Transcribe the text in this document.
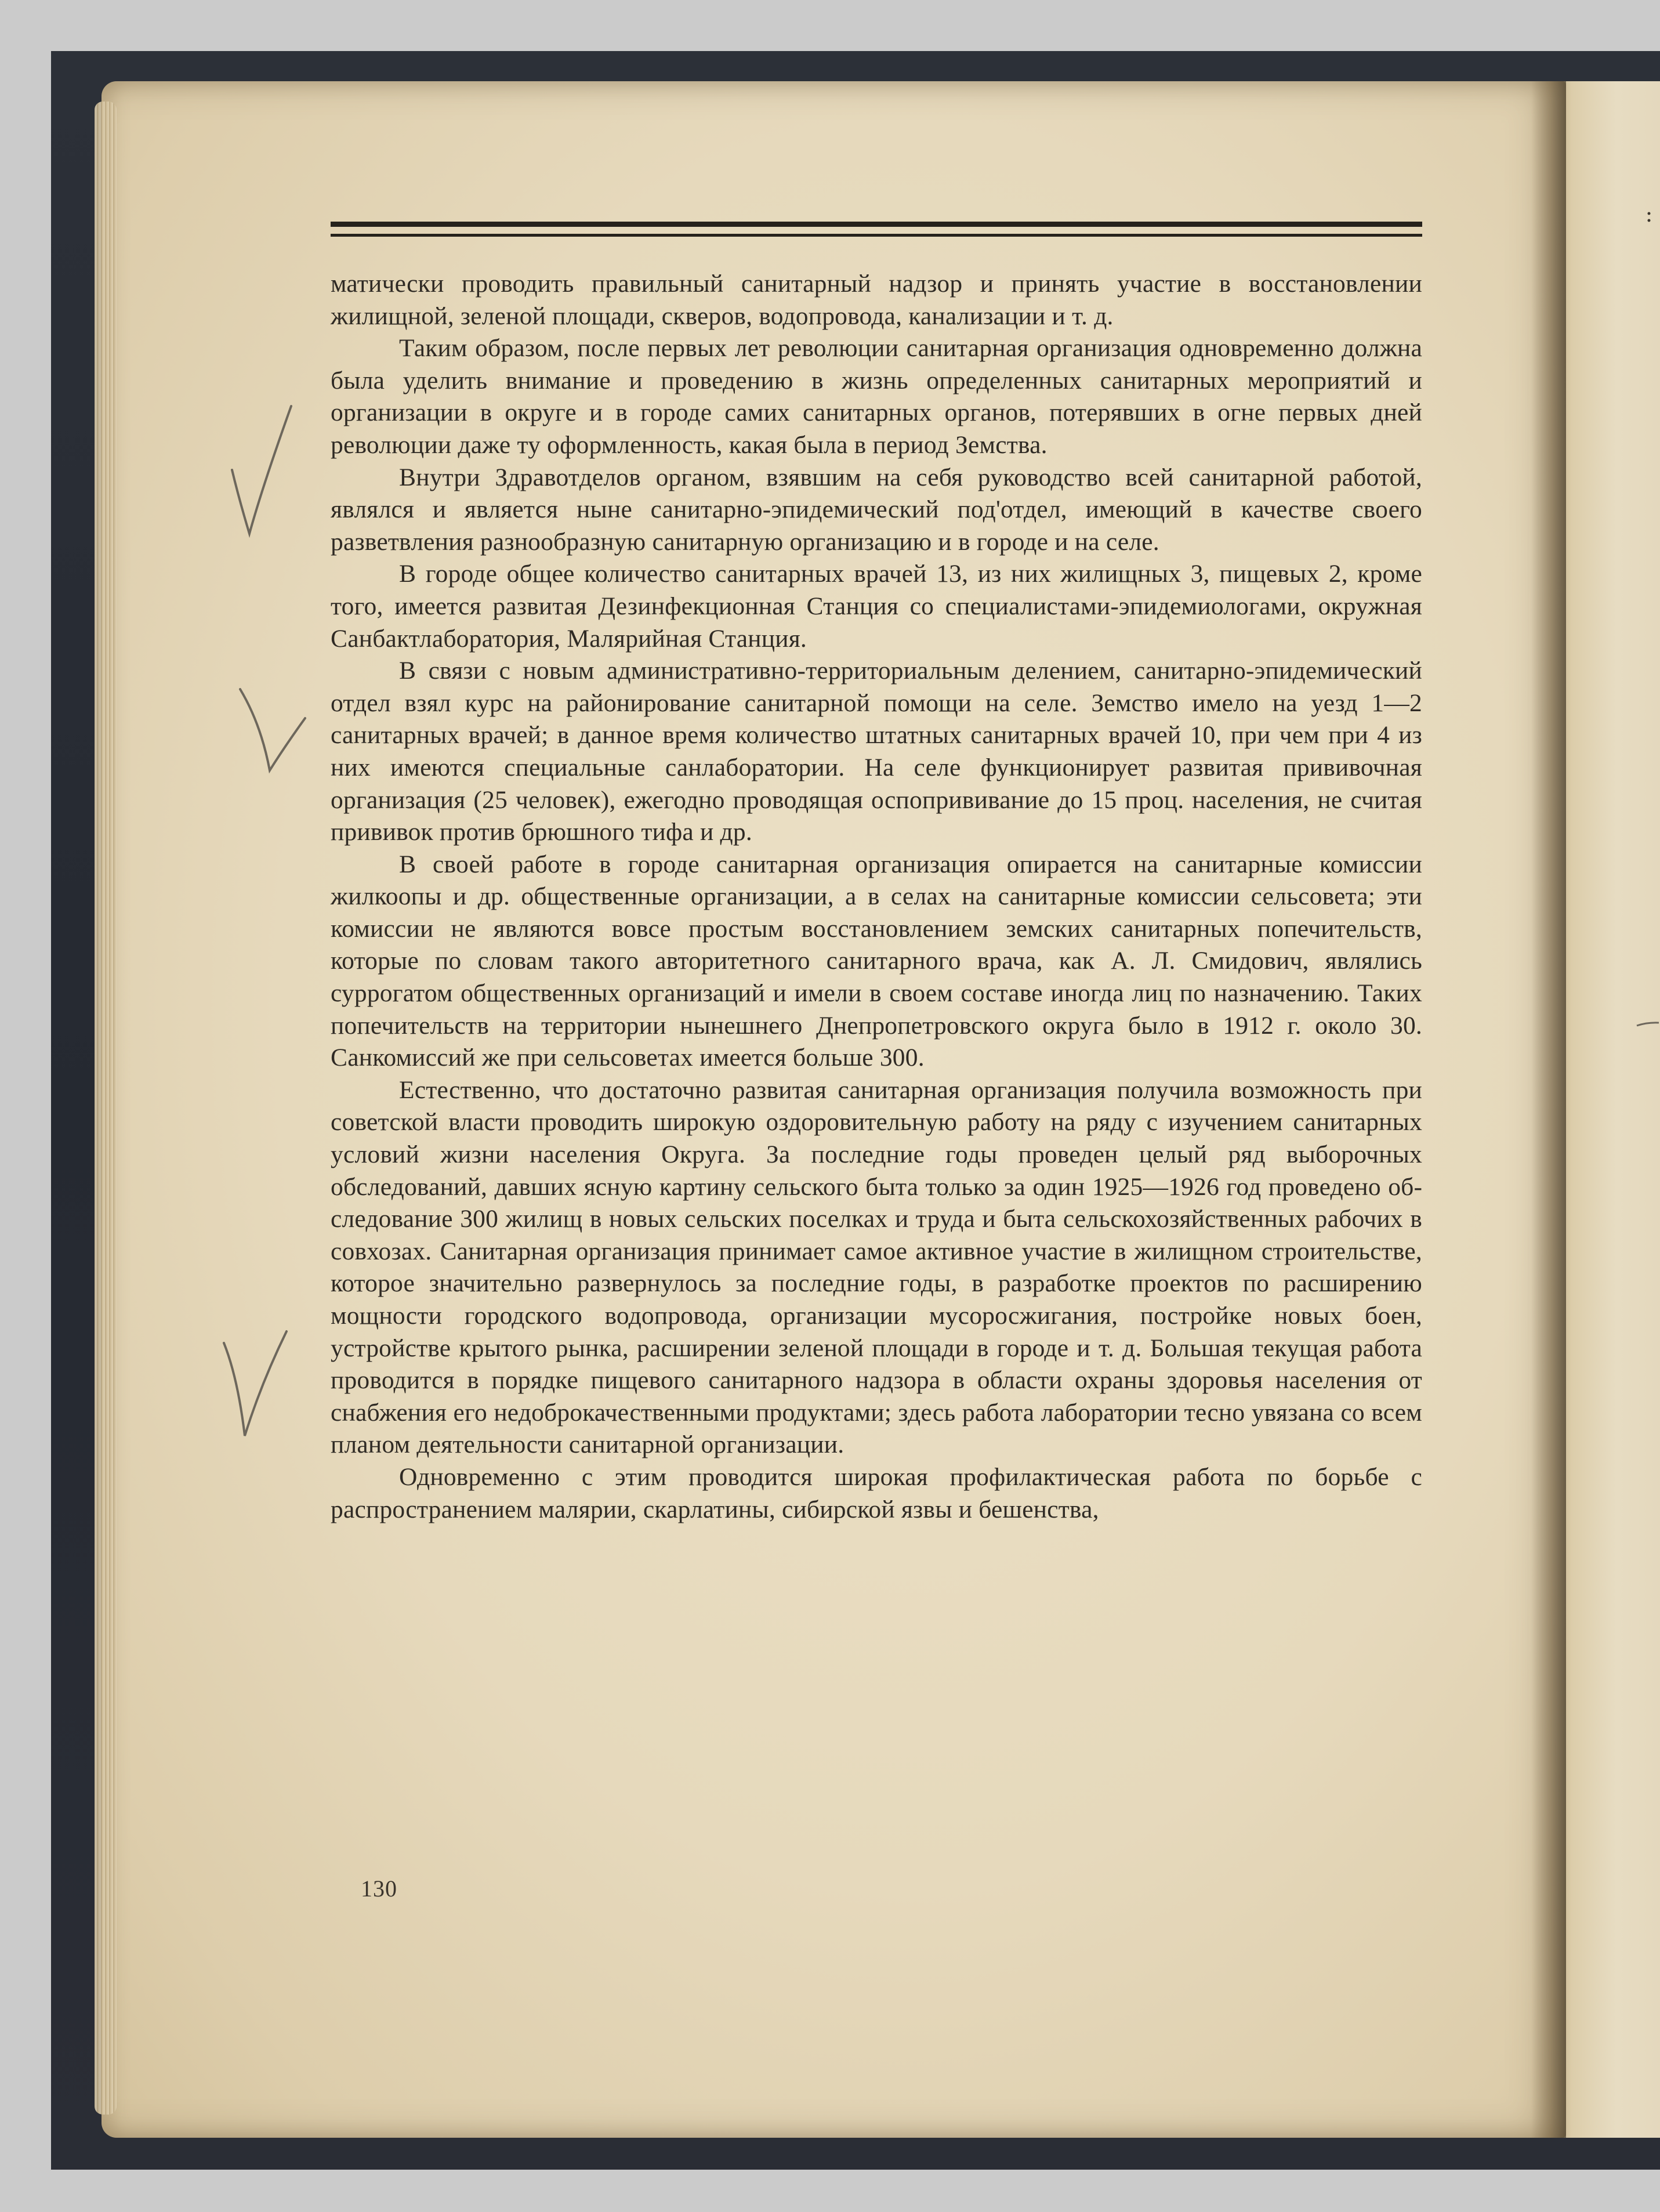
матически проводить правильный санитарный надзор и принять участие в восстановлении жилищной, зеленой площади, скверов, водопровода, канализации и т. д.

Таким образом, после первых лет революции санитарная организация одновременно должна была уделить внимание и проведению в жизнь определенных санитарных мероприятий и организации в округе и в городе самих санитарных органов, потерявших в огне первых дней революции даже ту оформленность, какая была в период Земства.

Внутри Здравотделов органом, взявшим на себя руководство всей санитарной работой, являлся и является ныне санитарно-эпидемический под'отдел, имеющий в качестве своего разветвления разнообразную санитарную организацию и в городе и на селе.

В городе общее количество санитарных врачей 13, из них жилищных 3, пищевых 2, кроме того, имеется развитая Дезинфекционная Станция со специалистами-эпидемиологами, окружная Санбактлаборатория, Малярийная Станция.

В связи с новым административно-территориальным делением, санитарно-эпидемический отдел взял курс на районирование санитарной помощи на селе. Земство имело на уезд 1—2 санитарных врачей; в данное время количество штатных санитарных врачей 10, при чем при 4 из них имеются специальные санлаборатории. На селе функционирует развитая прививочная организация (25 человек), ежегодно проводящая оспопрививание до 15 проц. населения, не считая прививок против брюшного тифа и др.

В своей работе в городе санитарная организация опирается на санитарные комиссии жилкоопы и др. общественные организации, а в селах на санитарные комиссии сельсовета; эти комиссии не являются вовсе простым восстановлением земских санитарных попечительств, которые по словам такого авторитетного санитарного врача, как А. Л. Смидович, являлись суррогатом общественных организаций и имели в своем составе иногда лиц по назначению. Таких попечительств на территории нынешнего Днепропетровского округа было в 1912 г. около 30. Санкомиссий же при сельсоветах имеется больше 300.

Естественно, что достаточно развитая санитарная организация получила возможность при советской власти проводить широкую оздоровительную работу на ряду с изучением санитарных условий жизни населения Округа. За последние годы проведен целый ряд выборочных обследований, давших ясную картину сельского быта только за один 1925—1926 год проведено обследование 300 жилищ в новых сельских поселках и труда и быта сельскохозяйственных рабочих в совхозах. Санитарная организация принимает самое активное участие в жилищном строительстве, которое значительно развернулось за последние годы, в разработке проектов по расширению мощности городского водопровода, организации мусоросжигания, постройке новых боен, устройстве крытого рынка, расширении зеленой площади в городе и т. д. Большая текущая работа проводится в порядке пищевого санитарного надзора в области охраны здоровья населения от снабжения его недоброкачественными продуктами; здесь работа лаборатории тесно увязана со всем планом деятельности санитарной организации.

Одновременно с этим проводится широкая профилактическая работа по борьбе с распространением малярии, скарлатины, сибирской язвы и бешенства,

130
